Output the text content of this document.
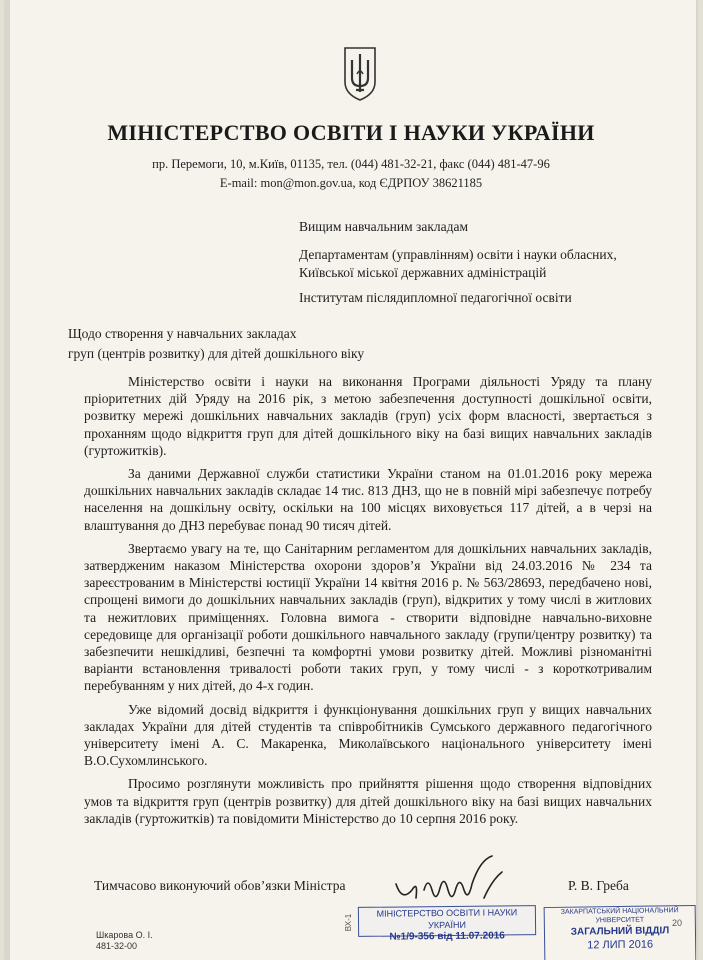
МІНІСТЕРСТВО ОСВІТИ І НАУКИ УКРАЇНИ
пр. Перемоги, 10, м.Київ, 01135, тел. (044) 481-32-21, факс (044) 481-47-96
E-mail: mon@mon.gov.ua, код ЄДРПОУ 38621185
Вищим навчальним закладам
Департаментам (управлінням) освіти і науки обласних,
Київської міської державних адміністрацій
Інститутам післядипломної педагогічної освіти
Щодо створення у навчальних закладах
груп (центрів розвитку) для дітей дошкільного віку

Міністерство освіти і науки на виконання Програми діяльності Уряду та плану пріоритетних дій Уряду на 2016 рік, з метою забезпечення доступності дошкільної освіти, розвитку мережі дошкільних навчальних закладів (груп) усіх форм власності, звертається з проханням щодо відкриття груп для дітей дошкільного віку на базі вищих навчальних закладів (гуртожитків).

За даними Державної служби статистики України станом на 01.01.2016 року мережа дошкільних навчальних закладів складає 14 тис. 813 ДНЗ, що не в повній мірі забезпечує потребу населення на дошкільну освіту, оскільки на 100 місцях виховується 117 дітей, а в черзі на влаштування до ДНЗ перебуває понад 90 тисяч дітей.

Звертаємо увагу на те, що Санітарним регламентом для дошкільних навчальних закладів, затвердженим наказом Міністерства охорони здоров’я України від 24.03.2016 № 234 та зареєстрованим в Міністерстві юстиції України 14 квітня 2016 р. № 563/28693, передбачено нові, спрощені вимоги до дошкільних навчальних закладів (груп), відкритих у тому числі в житлових та нежитлових приміщеннях. Головна вимога - створити відповідне навчально-виховне середовище для організації роботи дошкільного навчального закладу (групи/центру розвитку) та забезпечити нешкідливі, безпечні та комфортні умови розвитку дітей. Можливі різноманітні варіанти встановлення тривалості роботи таких груп, у тому числі - з короткотривалим перебуванням у них дітей, до 4-х годин.

Уже відомий досвід відкриття і функціонування дошкільних груп у вищих навчальних закладах України для дітей студентів та співробітників Сумського державного педагогічного університету імені А. С. Макаренка, Миколаївського національного університету імені В.О.Сухомлинського.

Просимо розглянути можливість про прийняття рішення щодо створення відповідних умов та відкриття груп (центрів розвитку) для дітей дошкільного віку на базі вищих навчальних закладів (гуртожитків) та повідомити Міністерство до 10 серпня 2016 року.

Тимчасово виконуючий обов’язки Міністра	Р. В. Греба
Шкарова О. І.
481-32-00
ВХ-1
МІНІСТЕРСТВО ОСВІТИ І НАУКИ УКРАЇНИ
№1/9-356 від 11.07.2016
ЗАКАРПАТСЬКИЙ НАЦІОНАЛЬНИЙ УНІВЕРСИТЕТ
ЗАГАЛЬНИЙ ВІДДІЛ
12 ЛИП 2016
20
